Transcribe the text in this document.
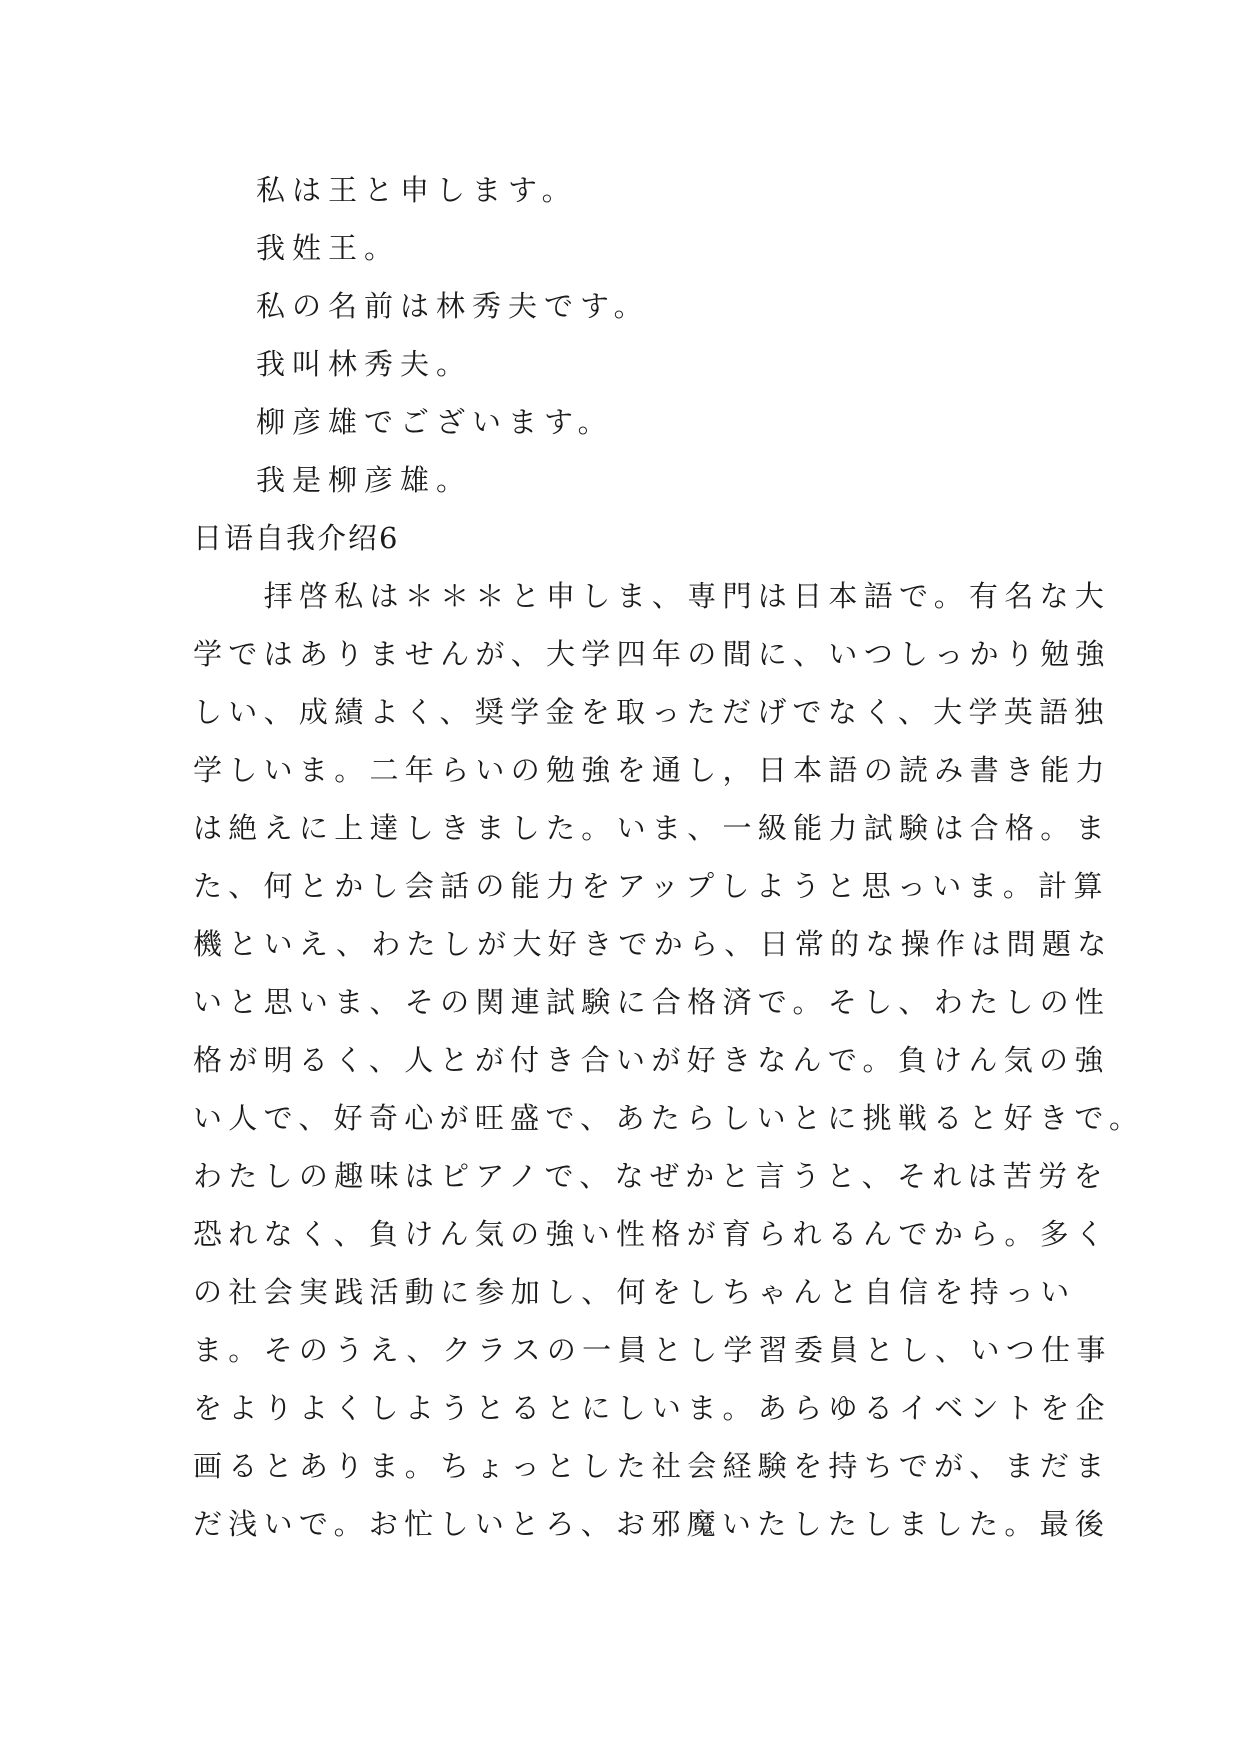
私は王と申します。
我姓王。
私の名前は林秀夫です。
我叫林秀夫。
柳彦雄でございます。
我是柳彦雄。
日语自我介绍6
　　拝啓私は＊＊＊と申しま、専門は日本語で。有名な大
学ではありませんが、大学四年の間に、いつしっかり勉強
しい、成績よく、奨学金を取っただげでなく、大学英語独
学しいま。二年らいの勉強を通し，日本語の読み書き能力
は絶えに上達しきました。いま、一級能力試験は合格。ま
た、何とかし会話の能力をアップしようと思っいま。計算
機といえ、わたしが大好きでから、日常的な操作は問題な
いと思いま、その関連試験に合格済で。そし、わたしの性
格が明るく、人とが付き合いが好きなんで。負けん気の強
い人で、好奇心が旺盛で、あたらしいとに挑戦ると好きで。
わたしの趣味はピアノで、なぜかと言うと、それは苦労を
恐れなく、負けん気の強い性格が育られるんでから。多く
の社会実践活動に参加し、何をしちゃんと自信を持っい
ま。そのうえ、クラスの一員とし学習委員とし、いつ仕事
をよりよくしようとるとにしいま。あらゆるイベントを企
画るとありま。ちょっとした社会経験を持ちでが、まだま
だ浅いで。お忙しいとろ、お邪魔いたしたしました。最後
